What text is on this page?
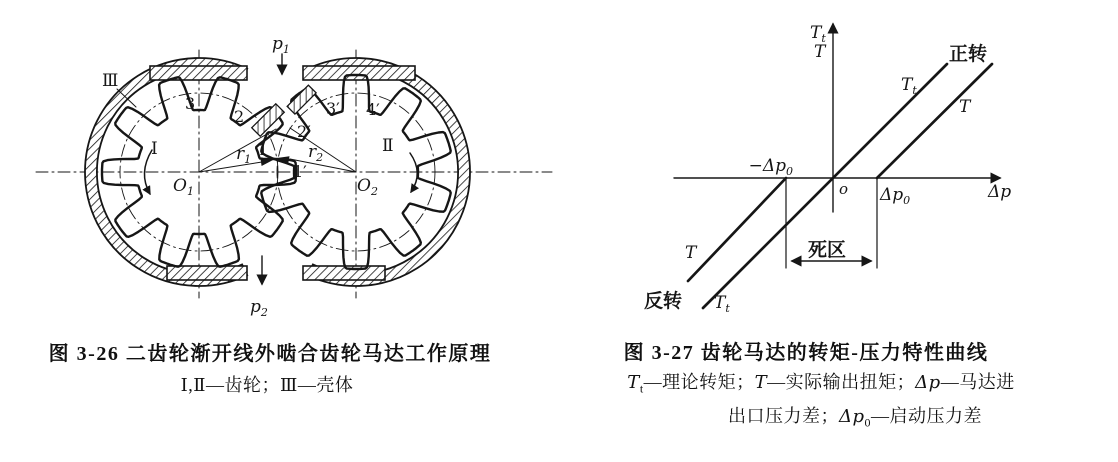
$p_1$
$p_2$
Ⅲ
Ⅰ	Ⅱ
3
2
1
2′
3′ 4′
1′
$r_1$	$r_2$
$O_1$	$O_2$
$T_t$
T
Δp
o
$-\Delta p_0$
$\Delta p_0$
正转
反转
死区
$T_t$
T
T
$T_t$
图 3-26 二齿轮渐开线外啮合齿轮马达工作原理
Ⅰ,Ⅱ—齿轮；Ⅲ—壳体
图 3-27 齿轮马达的转矩-压力特性曲线
$T_t—$理论转矩；T—实际输出扭矩；Δp—马达进
出口压力差；$\Delta p_0—$启动压力差
